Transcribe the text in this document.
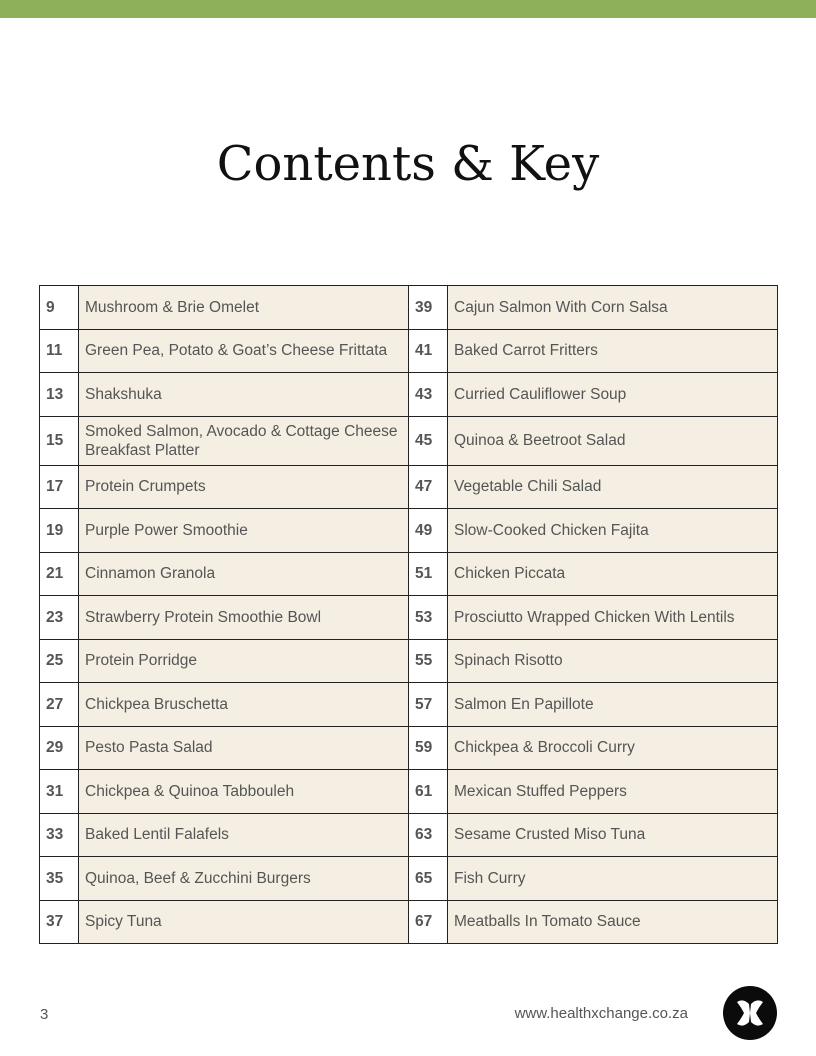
Contents & Key
9	Mushroom & Brie Omelet	39	Cajun Salmon With Corn Salsa
11	Green Pea, Potato & Goat’s Cheese Frittata	41	Baked Carrot Fritters
13	Shakshuka	43	Curried Cauliflower Soup
15	Smoked Salmon, Avocado & Cottage Cheese Breakfast Platter	45	Quinoa & Beetroot Salad
17	Protein Crumpets	47	Vegetable Chili Salad
19	Purple Power Smoothie	49	Slow-Cooked Chicken Fajita
21	Cinnamon Granola	51	Chicken Piccata
23	Strawberry Protein Smoothie Bowl	53	Prosciutto Wrapped Chicken With Lentils
25	Protein Porridge	55	Spinach Risotto
27	Chickpea Bruschetta	57	Salmon En Papillote
29	Pesto Pasta Salad	59	Chickpea & Broccoli Curry
31	Chickpea & Quinoa Tabbouleh	61	Mexican Stuffed Peppers
33	Baked Lentil Falafels	63	Sesame Crusted Miso Tuna
35	Quinoa, Beef & Zucchini Burgers	65	Fish Curry
37	Spicy Tuna	67	Meatballs In Tomato Sauce
3	www.healthxchange.co.za
